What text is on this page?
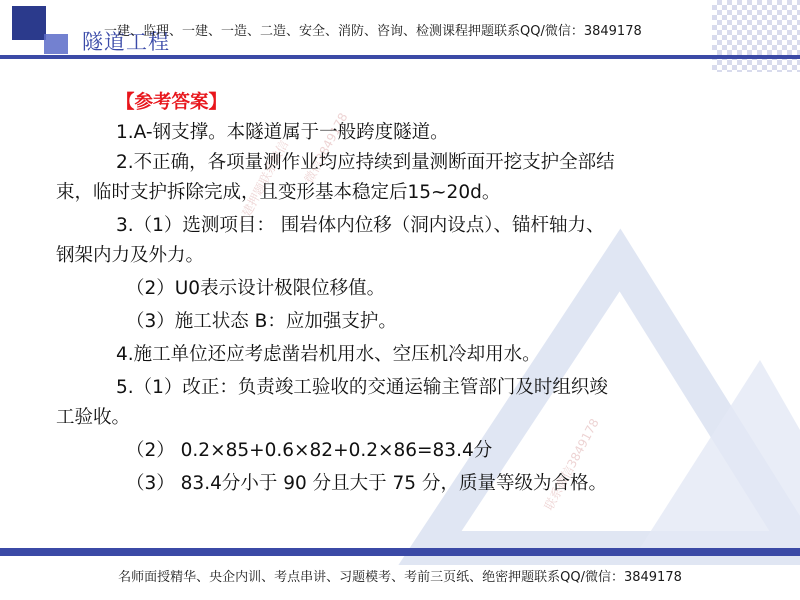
隧道工程
一建、监理、一建、一造、二造、安全、消防、咨询、检测课程押题联系QQ/微信：3849178
微信3849178
一建押题联系微信
联系微信3849178

【参考答案】

1.A-钢支撑。本隧道属于一般跨度隧道。

2.不正确，各项量测作业均应持续到量测断面开挖支护全部结

束，临时支护拆除完成，且变形基本稳定后15~20d。

3.（1）选测项目： 围岩体内位移（洞内设点）、锚杆轴力、

钢架内力及外力。

（2）U0表示设计极限位移值。

（3）施工状态 B：应加强支护。

4.施工单位还应考虑凿岩机用水、空压机冷却用水。

5.（1）改正：负责竣工验收的交通运输主管部门及时组织竣

工验收。

（2） 0.2×85+0.6×82+0.2×86=83.4分

（3） 83.4分小于 90 分且大于 75 分，质量等级为合格。

名师面授精华、央企内训、考点串讲、习题模考、考前三页纸、绝密押题联系QQ/微信：3849178
